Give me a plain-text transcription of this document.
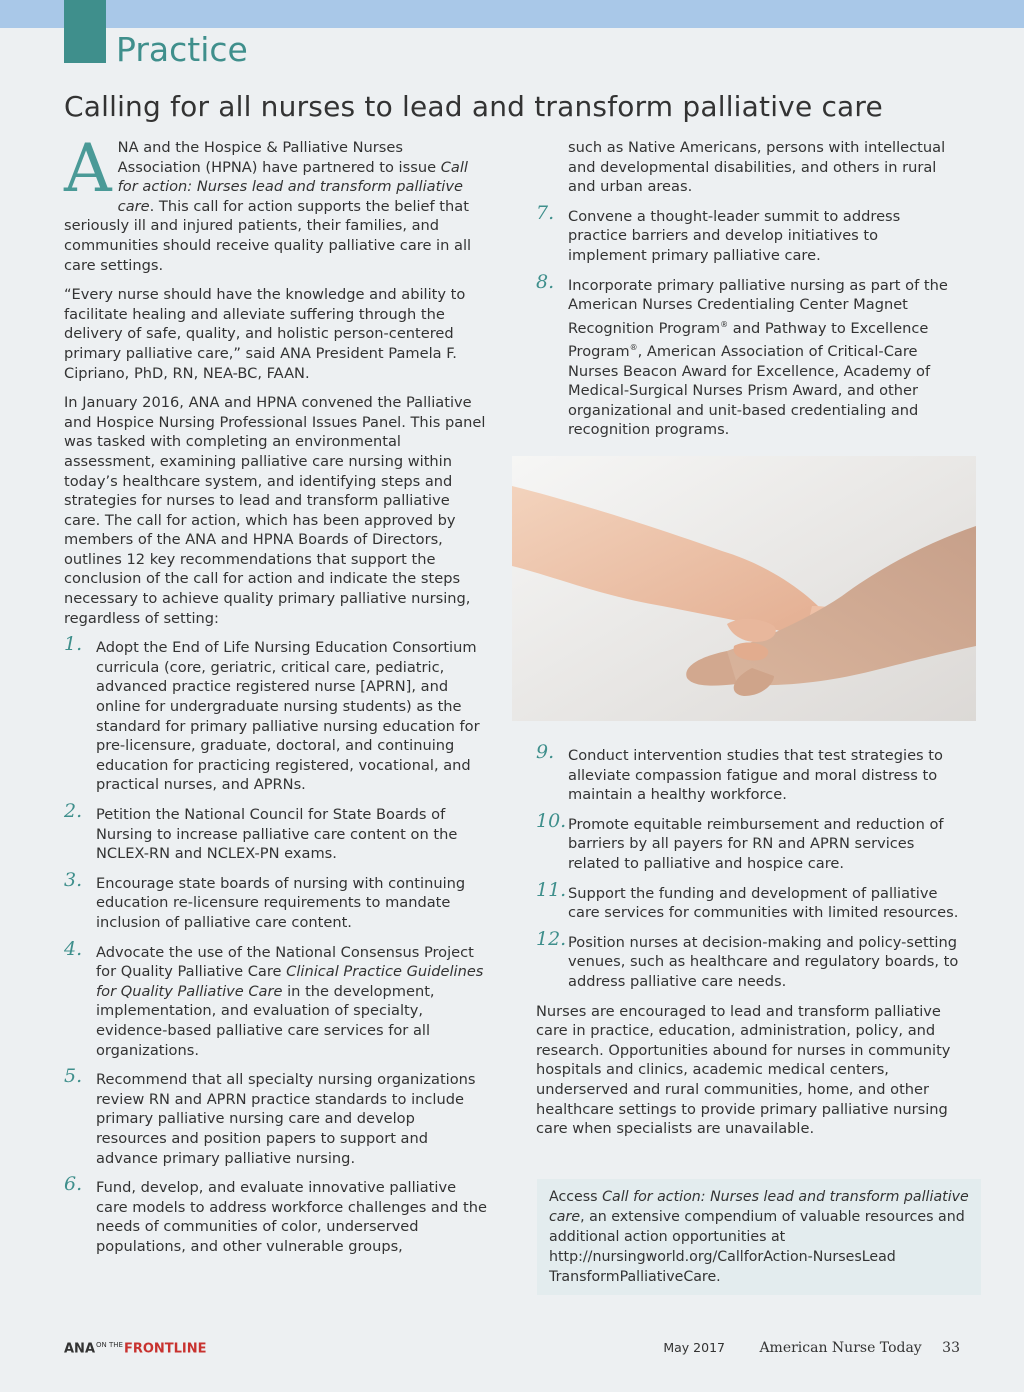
Practice
Calling for all nurses to lead and transform palliative care

ANA and the Hospice & Palliative Nurses Association (HPNA) have partnered to issue Call for action: Nurses lead and transform palliative care. This call for action supports the belief that seriously ill and injured patients, their families, and communities should receive quality palliative care in all care settings.

“Every nurse should have the knowledge and ability to facilitate healing and alleviate suffering through the delivery of safe, quality, and holistic person-centered primary palliative care,” said ANA President Pamela F. Cipriano, PhD, RN, NEA-BC, FAAN.

In January 2016, ANA and HPNA convened the Palliative and Hospice Nursing Professional Issues Panel. This panel was tasked with completing an environmental assessment, examining palliative care nursing within today’s healthcare system, and identifying steps and strategies for nurses to lead and transform palliative care. The call for action, which has been approved by members of the ANA and HPNA Boards of Directors, outlines 12 key recommendations that support the conclusion of the call for action and indicate the steps necessary to achieve quality primary palliative nursing, regardless of setting:

1. Adopt the End of Life Nursing Education Consortium curricula (core, geriatric, critical care, pediatric, advanced practice registered nurse [APRN], and online for undergraduate nursing students) as the standard for primary palliative nursing education for pre-licensure, graduate, doctoral, and continuing education for practicing registered, vocational, and practical nurses, and APRNs.
2. Petition the National Council for State Boards of Nursing to increase palliative care content on the NCLEX-RN and NCLEX-PN exams.
3. Encourage state boards of nursing with continuing education re-licensure requirements to mandate inclusion of palliative care content.
4. Advocate the use of the National Consensus Project for Quality Palliative Care Clinical Practice Guidelines for Quality Palliative Care in the development, implementation, and evaluation of specialty, evidence-based palliative care services for all organizations.
5. Recommend that all specialty nursing organizations review RN and APRN practice standards to include primary palliative nursing care and develop resources and position papers to support and advance primary palliative nursing.
6. Fund, develop, and evaluate innovative palliative care models to address workforce challenges and the needs of communities of color, underserved populations, and other vulnerable groups,
such as Native Americans, persons with intellectual and developmental disabilities, and others in rural and urban areas.
7. Convene a thought-leader summit to address practice barriers and develop initiatives to implement primary palliative care.
8. Incorporate primary palliative nursing as part of the American Nurses Credentialing Center Magnet Recognition Program® and Pathway to Excellence Program®, American Association of Critical-Care Nurses Beacon Award for Excellence, Academy of Medical-Surgical Nurses Prism Award, and other organizational and unit-based credentialing and recognition programs.
9. Conduct intervention studies that test strategies to alleviate compassion fatigue and moral distress to maintain a healthy workforce.
10. Promote equitable reimbursement and reduction of barriers by all payers for RN and APRN services related to palliative and hospice care.
11. Support the funding and development of palliative care services for communities with limited resources.
12. Position nurses at decision-making and policy-setting venues, such as healthcare and regulatory boards, to address palliative care needs.

Nurses are encouraged to lead and transform palliative care in practice, education, administration, policy, and research. Opportunities abound for nurses in community hospitals and clinics, academic medical centers, underserved and rural communities, home, and other healthcare settings to provide primary palliative nursing care when specialists are unavailable.

Access Call for action: Nurses lead and transform palliative care, an extensive compendium of valuable resources and additional action opportunities at http://nursingworld.org/CallforAction-NursesLead TransformPalliativeCare.
$ANA^{ON THE}FRONTLINE$	May 2017 American Nurse Today 33
